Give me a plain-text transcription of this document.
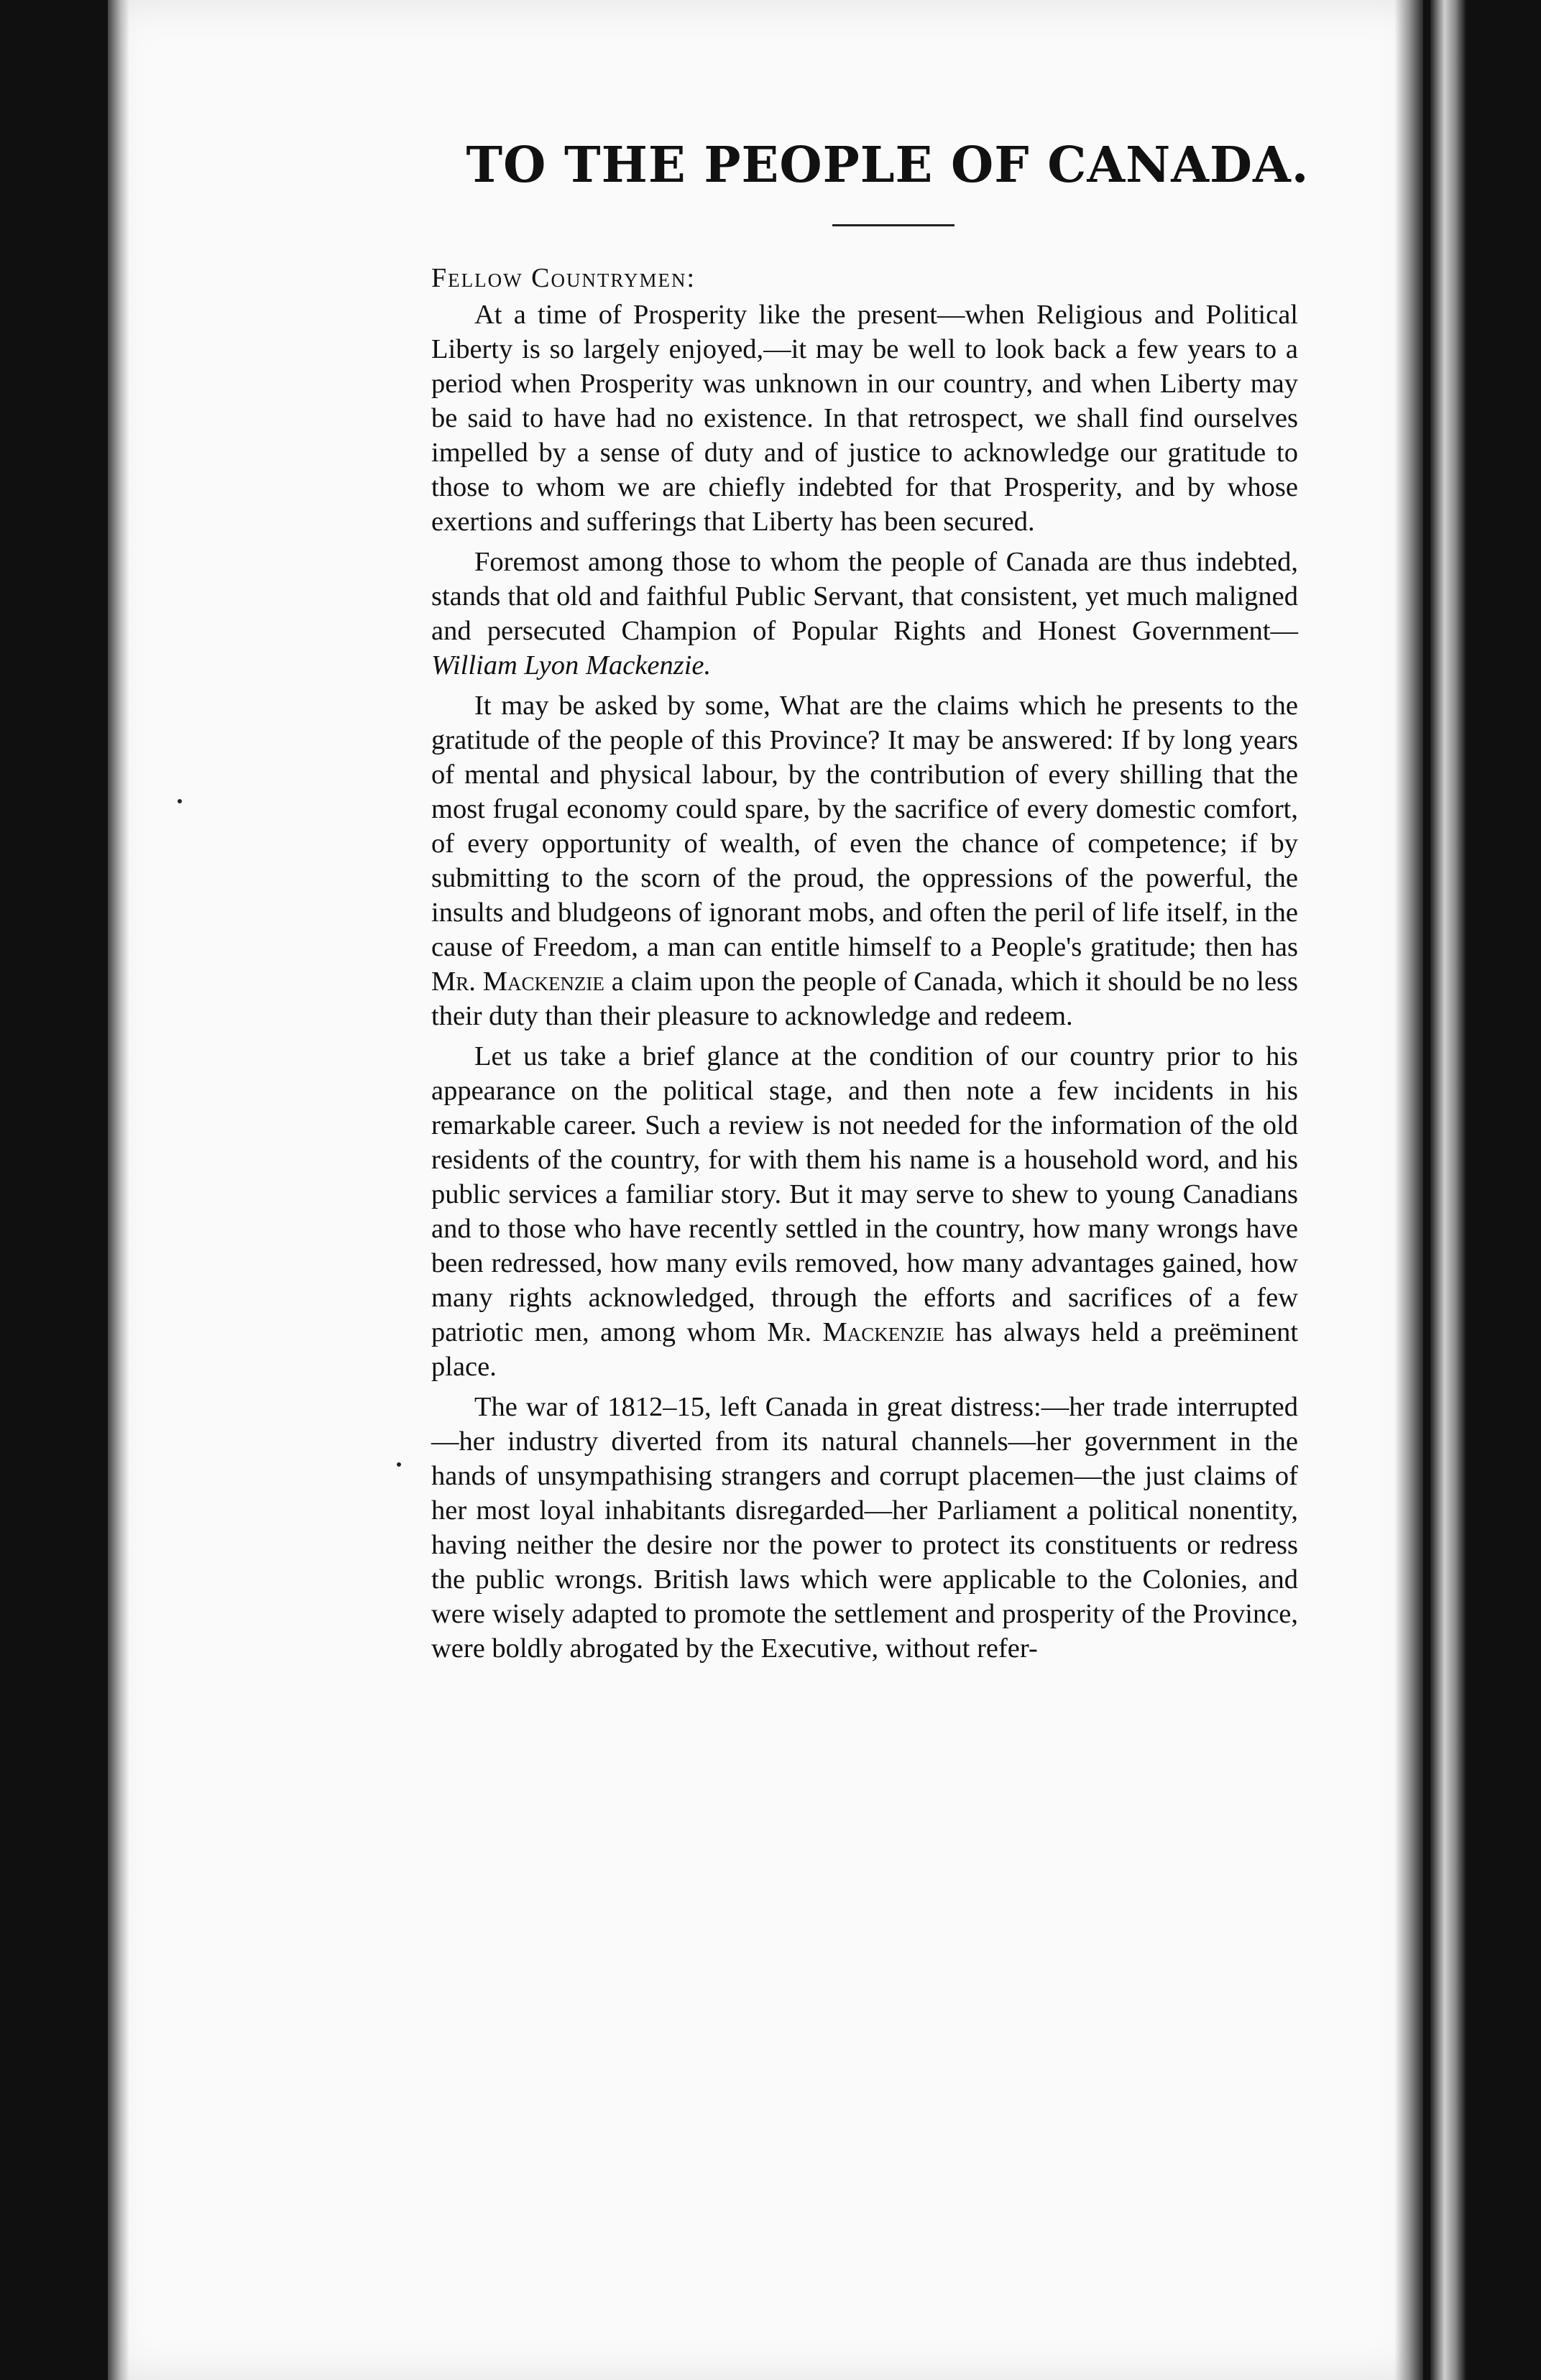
TO THE PEOPLE OF CANADA.

Fellow Countrymen:

At a time of Prosperity like the present—when Religious and Political Liberty is so largely enjoyed,—it may be well to look back a few years to a period when Prosperity was unknown in our country, and when Liberty may be said to have had no existence. In that retrospect, we shall find ourselves impelled by a sense of duty and of justice to acknowledge our gratitude to those to whom we are chiefly indebted for that Prosperity, and by whose exertions and sufferings that Liberty has been secured.

Foremost among those to whom the people of Canada are thus indebted, stands that old and faithful Public Servant, that consistent, yet much maligned and persecuted Champion of Popular Rights and Honest Government—William Lyon Mackenzie.

It may be asked by some, What are the claims which he presents to the gratitude of the people of this Province? It may be answered: If by long years of mental and physical labour, by the contribution of every shilling that the most frugal economy could spare, by the sacrifice of every domestic comfort, of every opportunity of wealth, of even the chance of competence; if by submitting to the scorn of the proud, the oppressions of the powerful, the insults and bludgeons of ignorant mobs, and often the peril of life itself, in the cause of Freedom, a man can entitle himself to a People's gratitude; then has Mr. Mackenzie a claim upon the people of Canada, which it should be no less their duty than their pleasure to acknowledge and redeem.

Let us take a brief glance at the condition of our country prior to his appearance on the political stage, and then note a few incidents in his remarkable career. Such a review is not needed for the information of the old residents of the country, for with them his name is a household word, and his public services a familiar story. But it may serve to shew to young Canadians and to those who have recently settled in the country, how many wrongs have been redressed, how many evils removed, how many advantages gained, how many rights acknowledged, through the efforts and sacrifices of a few patriotic men, among whom Mr. Mackenzie has always held a preëminent place.

The war of 1812–15, left Canada in great distress:—her trade interrupted—her industry diverted from its natural channels—her government in the hands of unsympathising strangers and corrupt placemen—the just claims of her most loyal inhabitants disregarded—her Parliament a political nonentity, having neither the desire nor the power to protect its constituents or redress the public wrongs. British laws which were applicable to the Colonies, and were wisely adapted to promote the settlement and prosperity of the Province, were boldly abrogated by the Executive, without refer-
